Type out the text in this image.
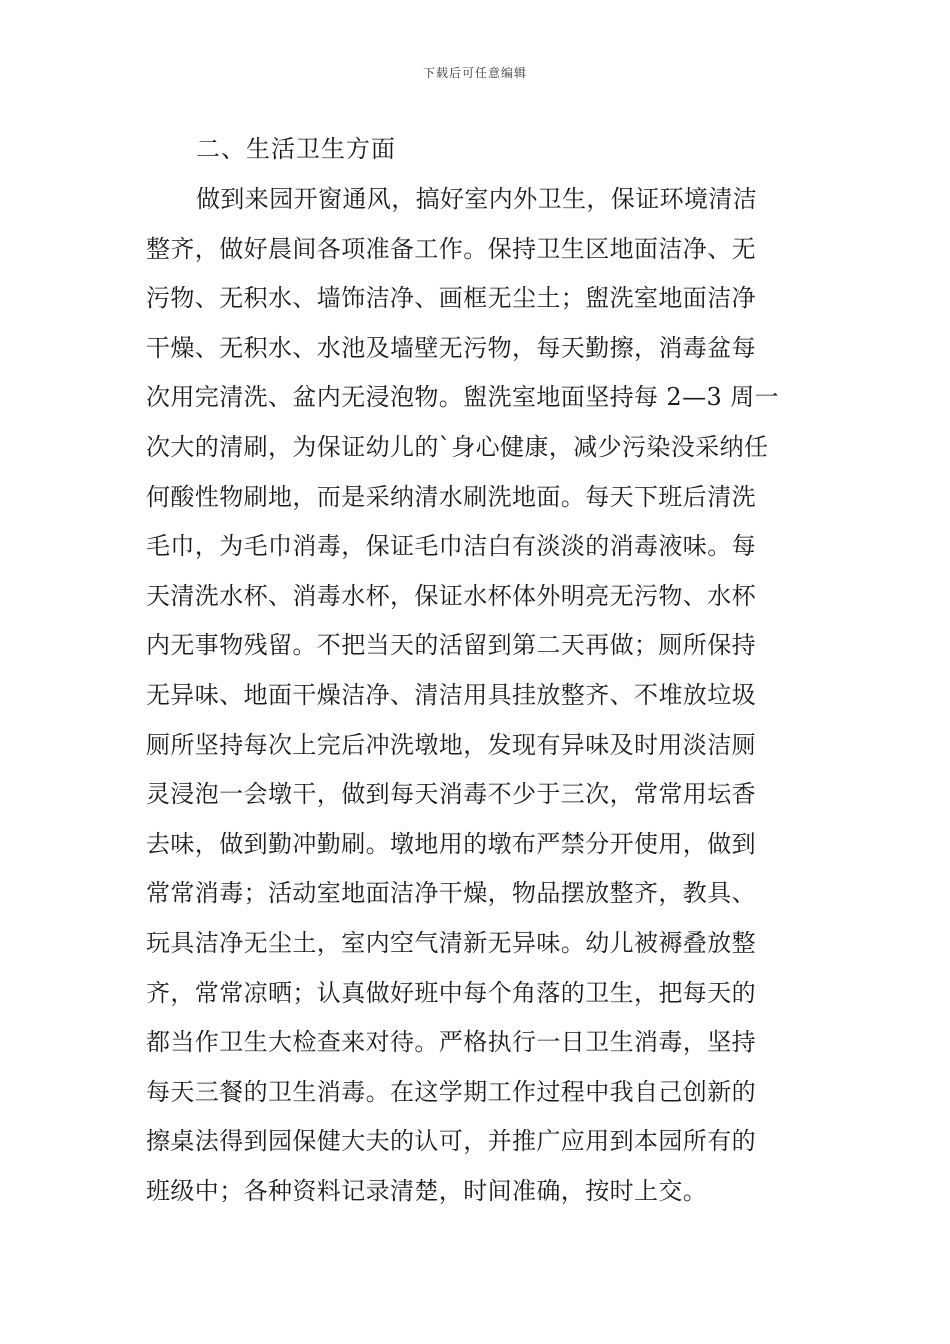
下载后可任意编辑
二、生活卫生方面
做到来园开窗通风，搞好室内外卫生，保证环境清洁
整齐，做好晨间各项准备工作。保持卫生区地面洁净、无
污物、无积水、墙饰洁净、画框无尘土；盥洗室地面洁净
干燥、无积水、水池及墙壁无污物，每天勤擦，消毒盆每
次用完清洗、盆内无浸泡物。盥洗室地面坚持每 2—3 周一
次大的清刷，为保证幼儿的`身心健康，减少污染没采纳任
何酸性物刷地，而是采纳清水刷洗地面。每天下班后清洗
毛巾，为毛巾消毒，保证毛巾洁白有淡淡的消毒液味。每
天清洗水杯、消毒水杯，保证水杯体外明亮无污物、水杯
内无事物残留。不把当天的活留到第二天再做；厕所保持
无异味、地面干燥洁净、清洁用具挂放整齐、不堆放垃圾
厕所坚持每次上完后冲洗墩地，发现有异味及时用淡洁厕
灵浸泡一会墩干，做到每天消毒不少于三次，常常用坛香
去味，做到勤冲勤刷。墩地用的墩布严禁分开使用，做到
常常消毒；活动室地面洁净干燥，物品摆放整齐，教具、
玩具洁净无尘土，室内空气清新无异味。幼儿被褥叠放整
齐，常常凉晒；认真做好班中每个角落的卫生，把每天的
都当作卫生大检查来对待。严格执行一日卫生消毒，坚持
每天三餐的卫生消毒。在这学期工作过程中我自己创新的
擦桌法得到园保健大夫的认可，并推广应用到本园所有的
班级中；各种资料记录清楚，时间准确，按时上交。
